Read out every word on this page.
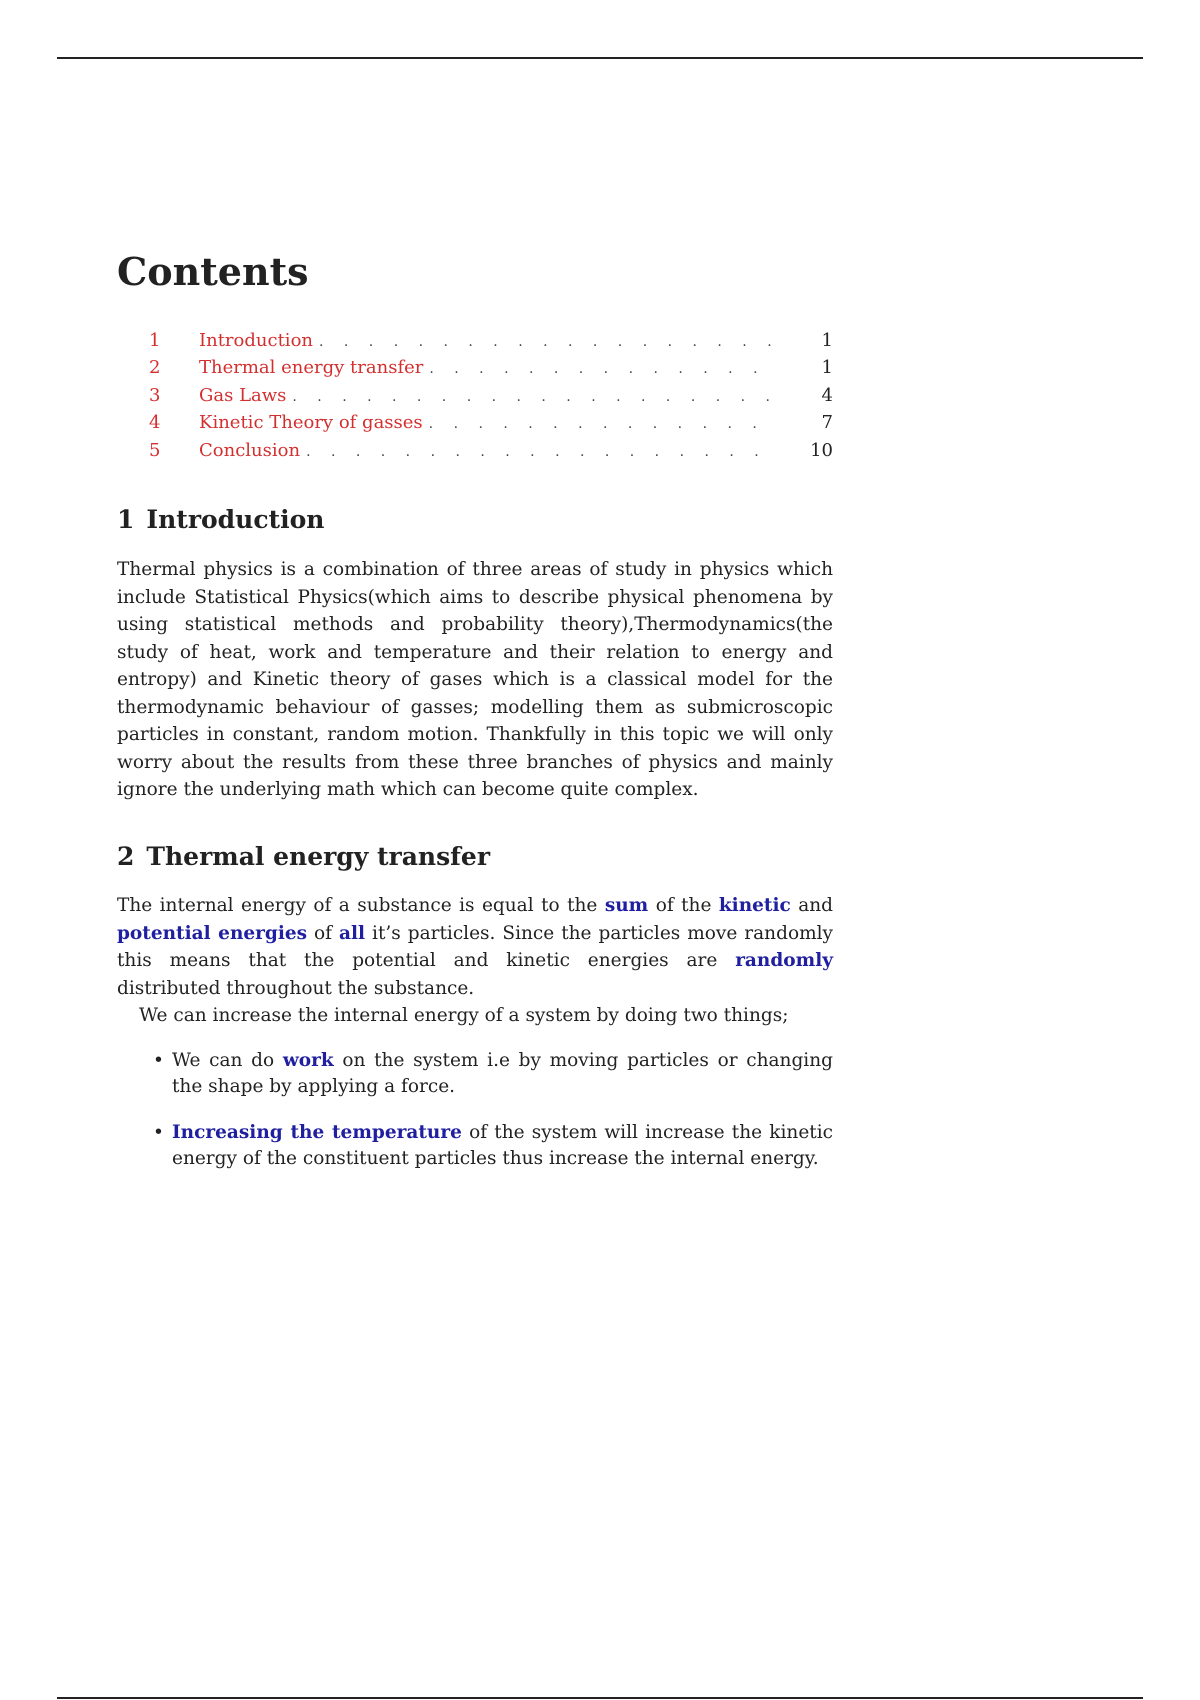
Contents
1	Introduction . . .	1
2	Thermal energy transfer . . .	1
3	Gas Laws . . .	4
4	Kinetic Theory of gasses . . .	7
5	Conclusion . . .	10
1 Introduction

Thermal physics is a combination of three areas of study in physics which include Statistical Physics(which aims to describe physical phenomena by using statistical methods and probability theory),Thermodynamics(the study of heat, work and temperature and their relation to energy and entropy) and Kinetic theory of gases which is a classical model for the thermodynamic behaviour of gasses; modelling them as submicroscopic particles in constant, random motion. Thankfully in this topic we will only worry about the results from these three branches of physics and mainly ignore the underlying math which can become quite complex.

2 Thermal energy transfer

The internal energy of a substance is equal to the sum of the kinetic and potential energies of all it’s particles. Since the particles move randomly this means that the potential and kinetic energies are randomly distributed throughout the substance.

We can increase the internal energy of a system by doing two things;

• We can do work on the system i.e by moving particles or changing the shape by applying a force.
• Increasing the temperature of the system will increase the kinetic energy of the constituent particles thus increase the internal energy.
